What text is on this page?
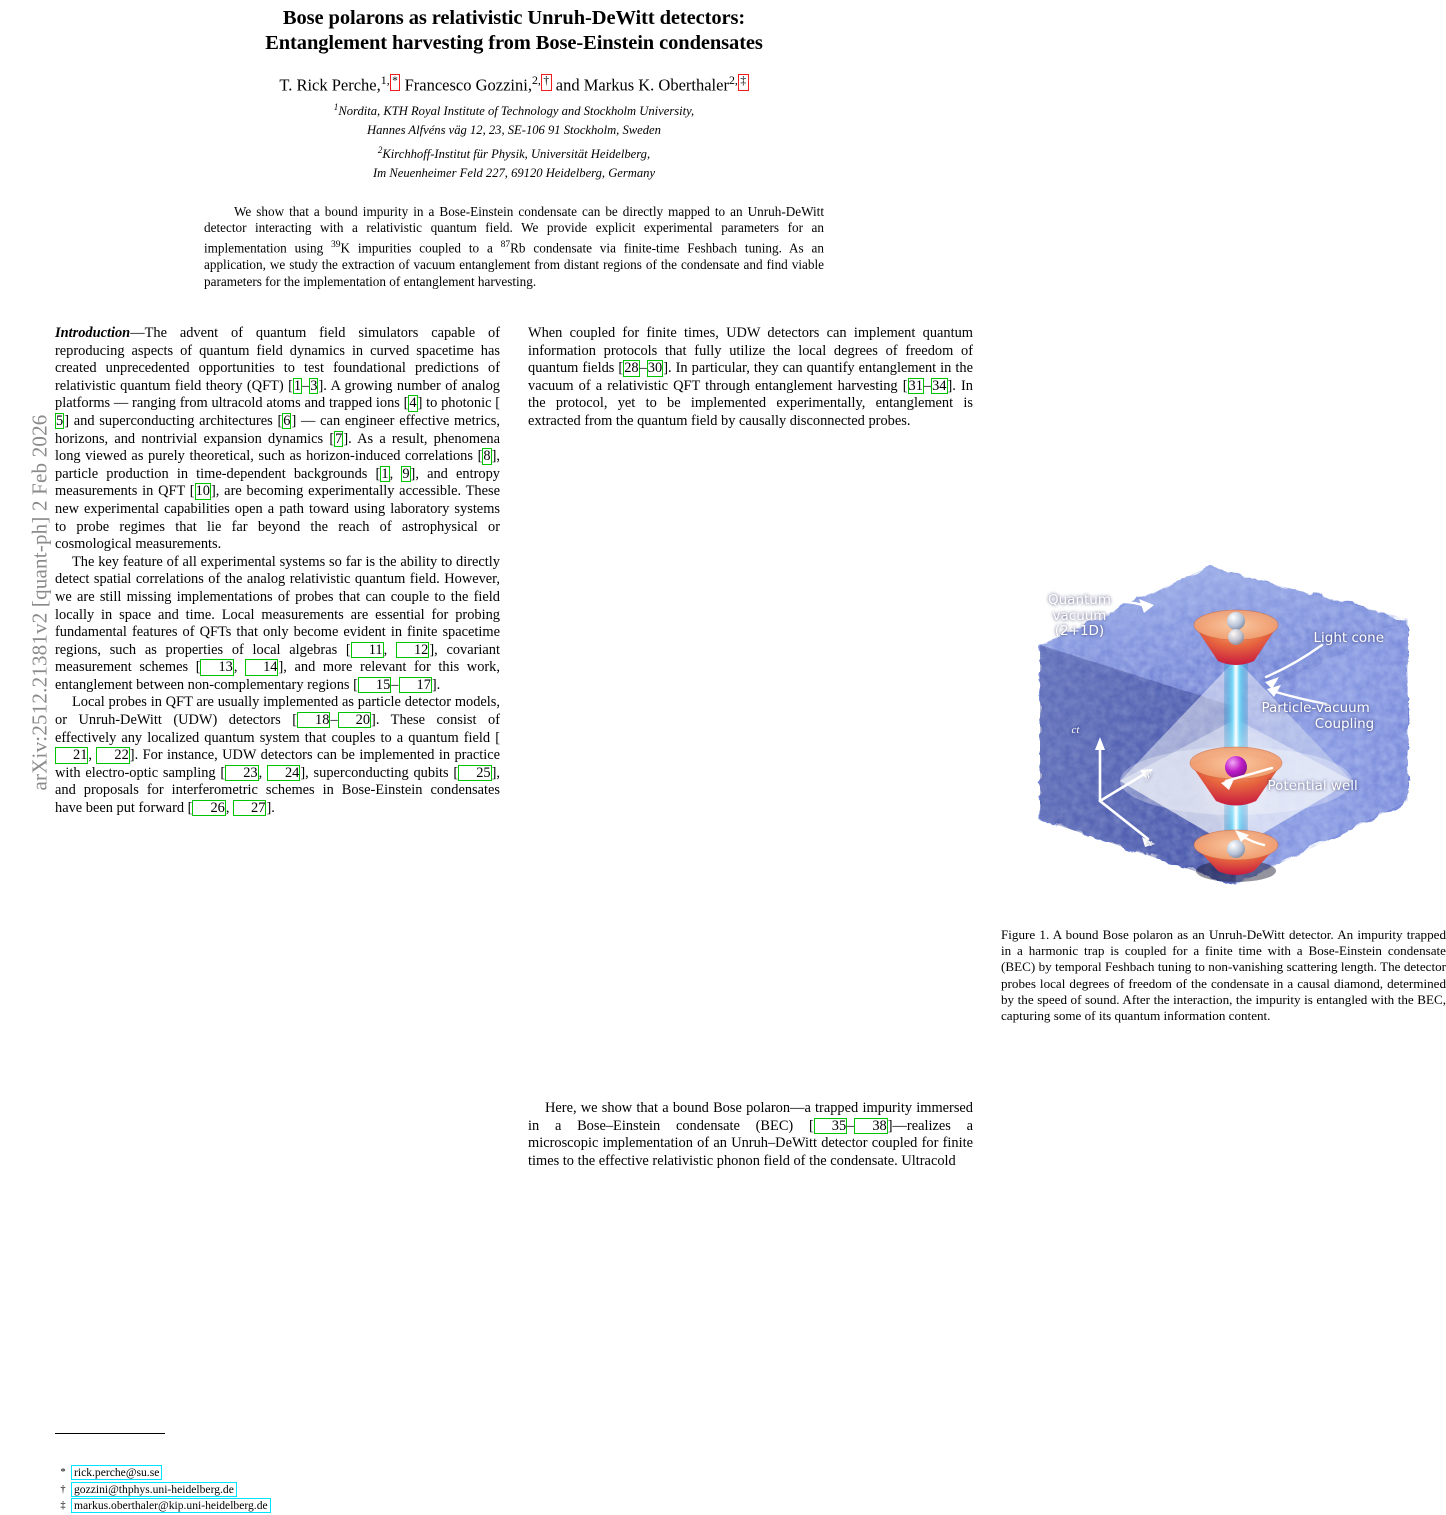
arXiv:2512.21381v2 [quant-ph] 2 Feb 2026
Bose polarons as relativistic Unruh-DeWitt detectors:
Entanglement harvesting from Bose-Einstein condensates
T. Rick Perche,$^{1,}$ * Francesco Gozzini,$^{2,}$ † and Markus K. Oberthaler$^{2,}$ ‡
$^1$Nordita, KTH Royal Institute of Technology and Stockholm University,
Hannes Alfvéns väg 12, 23, SE-106 91 Stockholm, Sweden
$^2$Kirchhoff-Institut für Physik, Universität Heidelberg,
Im Neuenheimer Feld 227, 69120 Heidelberg, Germany
We show that a bound impurity in a Bose-Einstein condensate can be directly mapped to an Unruh-DeWitt detector interacting with a relativistic quantum field. We provide explicit experimental parameters for an implementation using $^{39}$K impurities coupled to a $^{87}$Rb condensate via finite-time Feshbach tuning. As an application, we study the extraction of vacuum entanglement from distant regions of the condensate and find viable parameters for the implementation of entanglement harvesting.

Introduction—The advent of quantum field simulators capable of reproducing aspects of quantum field dynamics in curved spacetime has created unprecedented opportunities to test foundational predictions of relativistic quantum field theory (QFT) [1–3]. A growing number of analog platforms — ranging from ultracold atoms and trapped ions [4] to photonic [5] and superconducting architectures [6] — can engineer effective metrics, horizons, and nontrivial expansion dynamics [7]. As a result, phenomena long viewed as purely theoretical, such as horizon-induced correlations [8], particle production in time-dependent backgrounds [1, 9], and entropy measurements in QFT [10], are becoming experimentally accessible. These new experimental capabilities open a path toward using laboratory systems to probe regimes that lie far beyond the reach of astrophysical or cosmological measurements.

The key feature of all experimental systems so far is the ability to directly detect spatial correlations of the analog relativistic quantum field. However, we are still missing implementations of probes that can couple to the field locally in space and time. Local measurements are essential for probing fundamental features of QFTs that only become evident in finite spacetime regions, such as properties of local algebras [ 11, 12], covariant measurement schemes [ 13, 14], and more relevant for this work, entanglement between non-complementary regions [ 15– 17].

Local probes in QFT are usually implemented as particle detector models, or Unruh-DeWitt (UDW) detectors [ 18– 20]. These consist of effectively any localized quantum system that couples to a quantum field [21, 22]. For instance, UDW detectors can be implemented in practice with electro-optic sampling [ 23, 24], superconducting qubits [ 25], and proposals for interferometric schemes in Bose-Einstein condensates have been put forward [ 26, 27].

* rick.perche@su.se
† gozzini@thphys.uni-heidelberg.de
‡ markus.oberthaler@kip.uni-heidelberg.de

When coupled for finite times, UDW detectors can implement quantum information protocols that fully utilize the local degrees of freedom of quantum fields [28–30]. In particular, they can quantify entanglement in the vacuum of a relativistic QFT through entanglement harvesting [31–34]. In the protocol, yet to be implemented experimentally, entanglement is extracted from the quantum field by causally disconnected probes.

Quantum
vacuum
(2+1D)	Light cone
Particle-vacuum
Coupling
Potential well
ct
y
x
Figure 1. A bound Bose polaron as an Unruh-DeWitt detector. An impurity trapped in a harmonic trap is coupled for a finite time with a Bose-Einstein condensate (BEC) by temporal Feshbach tuning to non-vanishing scattering length. The detector probes local degrees of freedom of the condensate in a causal diamond, determined by the speed of sound. After the interaction, the impurity is entangled with the BEC, capturing some of its quantum information content.

Here, we show that a bound Bose polaron—a trapped impurity immersed in a Bose–Einstein condensate (BEC) [ 35– 38]—realizes a microscopic implementation of an Unruh–DeWitt detector coupled for finite times to the effective relativistic phonon field of the condensate. Ultracold
